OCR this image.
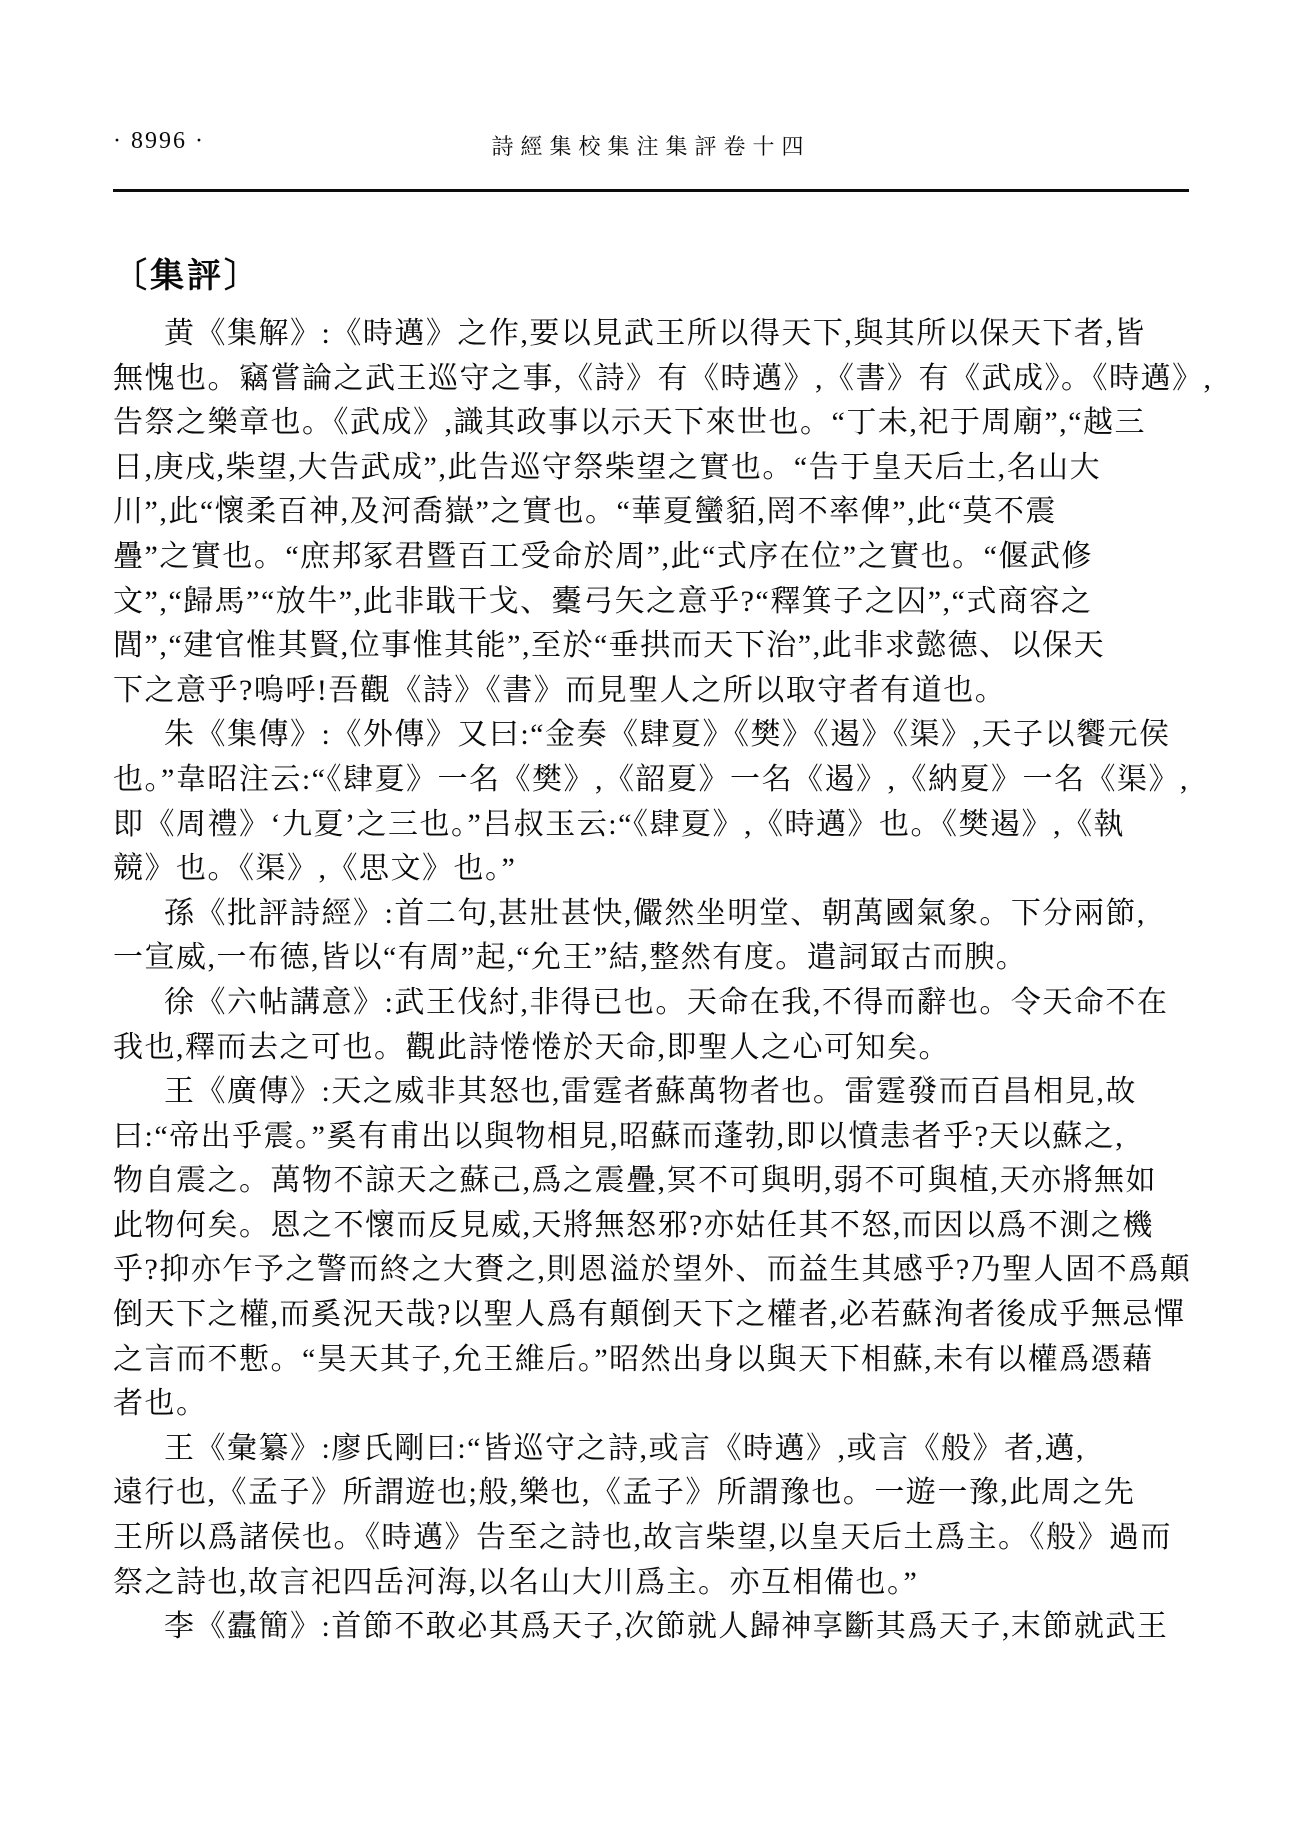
· 8996 ·	詩經集校集注集評卷十四
〔集評〕
黄《集解》:《時邁》之作,要以見武王所以得天下,與其所以保天下者,皆
無愧也。竊嘗論之武王巡守之事,《詩》有《時邁》,《書》有《武成》。《時邁》,
告祭之樂章也。《武成》,識其政事以示天下來世也。“丁未,祀于周廟”,“越三
日,庚戌,柴望,大告武成”,此告巡守祭柴望之實也。“告于皇天后土,名山大
川”,此“懷柔百神,及河喬嶽”之實也。“華夏蠻貊,罔不率俾”,此“莫不震
疊”之實也。“庶邦冢君暨百工受命於周”,此“式序在位”之實也。“偃武修
文”,“歸馬”“放牛”,此非戢干戈、櫜弓矢之意乎?“釋箕子之囚”,“式商容之
閭”,“建官惟其賢,位事惟其能”,至於“垂拱而天下治”,此非求懿德、以保天
下之意乎?嗚呼!吾觀《詩》《書》而見聖人之所以取守者有道也。
朱《集傳》:《外傳》又曰:“金奏《肆夏》《樊》《遏》《渠》,天子以饗元侯
也。”韋昭注云:“《肆夏》一名《樊》,《韶夏》一名《遏》,《納夏》一名《渠》,
即《周禮》‘九夏’之三也。”吕叔玉云:“《肆夏》,《時邁》也。《樊遏》,《執
競》也。《渠》,《思文》也。”
孫《批評詩經》:首二句,甚壯甚快,儼然坐明堂、朝萬國氣象。下分兩節,
一宣威,一布德,皆以“有周”起,“允王”結,整然有度。遣詞冣古而腴。
徐《六帖講意》:武王伐紂,非得已也。天命在我,不得而辭也。令天命不在
我也,釋而去之可也。觀此詩惓惓於天命,即聖人之心可知矣。
王《廣傳》:天之威非其怒也,雷霆者蘇萬物者也。雷霆發而百昌相見,故
曰:“帝出乎震。”奚有甫出以與物相見,昭蘇而蓬勃,即以憤恚者乎?天以蘇之,
物自震之。萬物不諒天之蘇己,爲之震疊,冥不可與明,弱不可與植,天亦將無如
此物何矣。恩之不懷而反見威,天將無怒邪?亦姑任其不怒,而因以爲不測之機
乎?抑亦乍予之警而終之大賚之,則恩溢於望外、而益生其感乎?乃聖人固不爲顛
倒天下之權,而奚況天哉?以聖人爲有顛倒天下之權者,必若蘇洵者後成乎無忌憚
之言而不慙。“昊天其子,允王維后。”昭然出身以與天下相蘇,未有以權爲憑藉
者也。
王《彙纂》:廖氏剛曰:“皆巡守之詩,或言《時邁》,或言《般》者,邁,
遠行也,《孟子》所謂遊也;般,樂也,《孟子》所謂豫也。一遊一豫,此周之先
王所以爲諸侯也。《時邁》告至之詩也,故言柴望,以皇天后土爲主。《般》過而
祭之詩也,故言祀四岳河海,以名山大川爲主。亦互相備也。”
李《蠹簡》:首節不敢必其爲天子,次節就人歸神享斷其爲天子,末節就武王
